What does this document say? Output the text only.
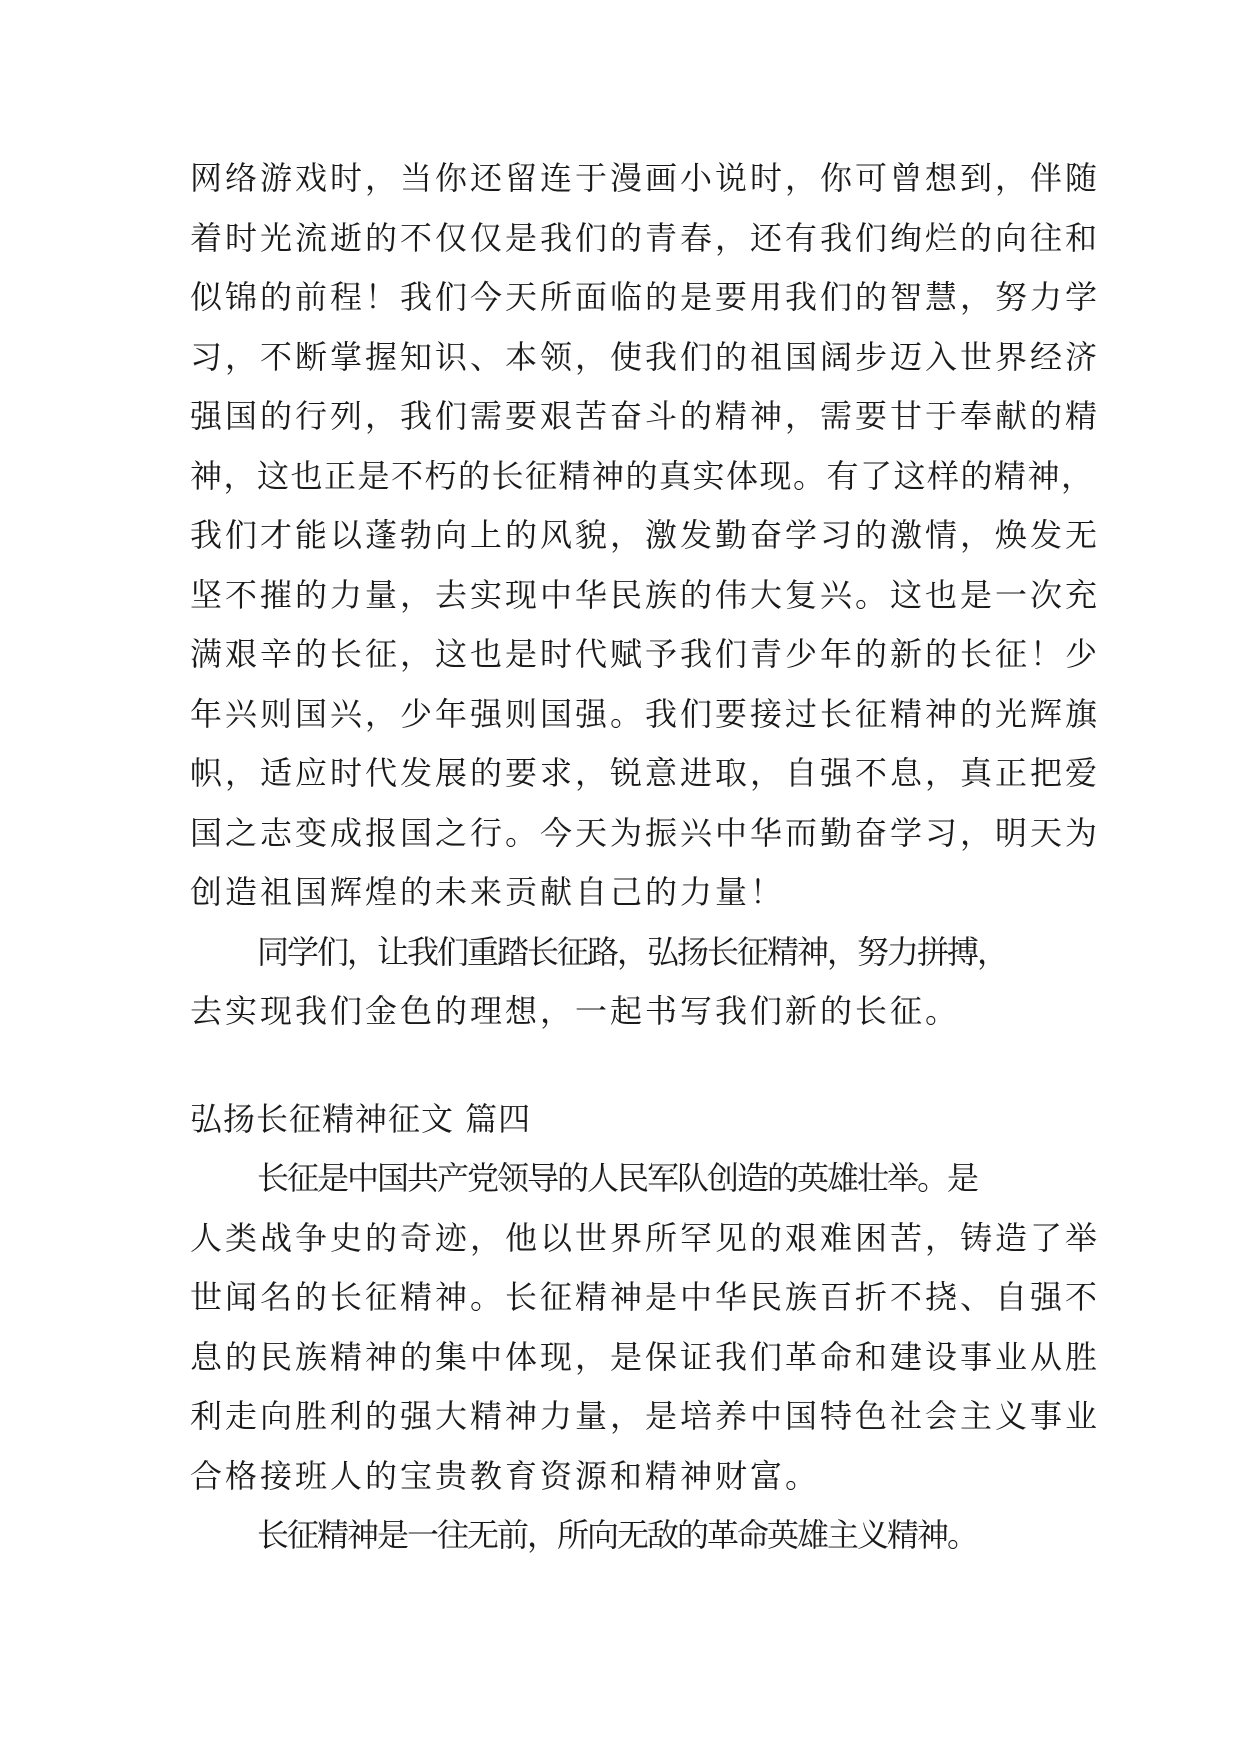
网络游戏时，当你还留连于漫画小说时，你可曾想到，伴随
着时光流逝的不仅仅是我们的青春，还有我们绚烂的向往和
似锦的前程！我们今天所面临的是要用我们的智慧，努力学
习，不断掌握知识、本领，使我们的祖国阔步迈入世界经济
强国的行列，我们需要艰苦奋斗的精神，需要甘于奉献的精
神，这也正是不朽的长征精神的真实体现。有了这样的精神，
我们才能以蓬勃向上的风貌，激发勤奋学习的激情，焕发无
坚不摧的力量，去实现中华民族的伟大复兴。这也是一次充
满艰辛的长征，这也是时代赋予我们青少年的新的长征！少
年兴则国兴，少年强则国强。我们要接过长征精神的光辉旗
帜，适应时代发展的要求，锐意进取，自强不息，真正把爱
国之志变成报国之行。今天为振兴中华而勤奋学习，明天为
创造祖国辉煌的未来贡献自己的力量！
同学们，让我们重踏长征路，弘扬长征精神，努力拼搏，
去实现我们金色的理想，一起书写我们新的长征。
弘扬长征精神征文 篇四
长征是中国共产党领导的人民军队创造的英雄壮举。是
人类战争史的奇迹，他以世界所罕见的艰难困苦，铸造了举
世闻名的长征精神。长征精神是中华民族百折不挠、自强不
息的民族精神的集中体现，是保证我们革命和建设事业从胜
利走向胜利的强大精神力量，是培养中国特色社会主义事业
合格接班人的宝贵教育资源和精神财富。
长征精神是一往无前，所向无敌的革命英雄主义精神。
